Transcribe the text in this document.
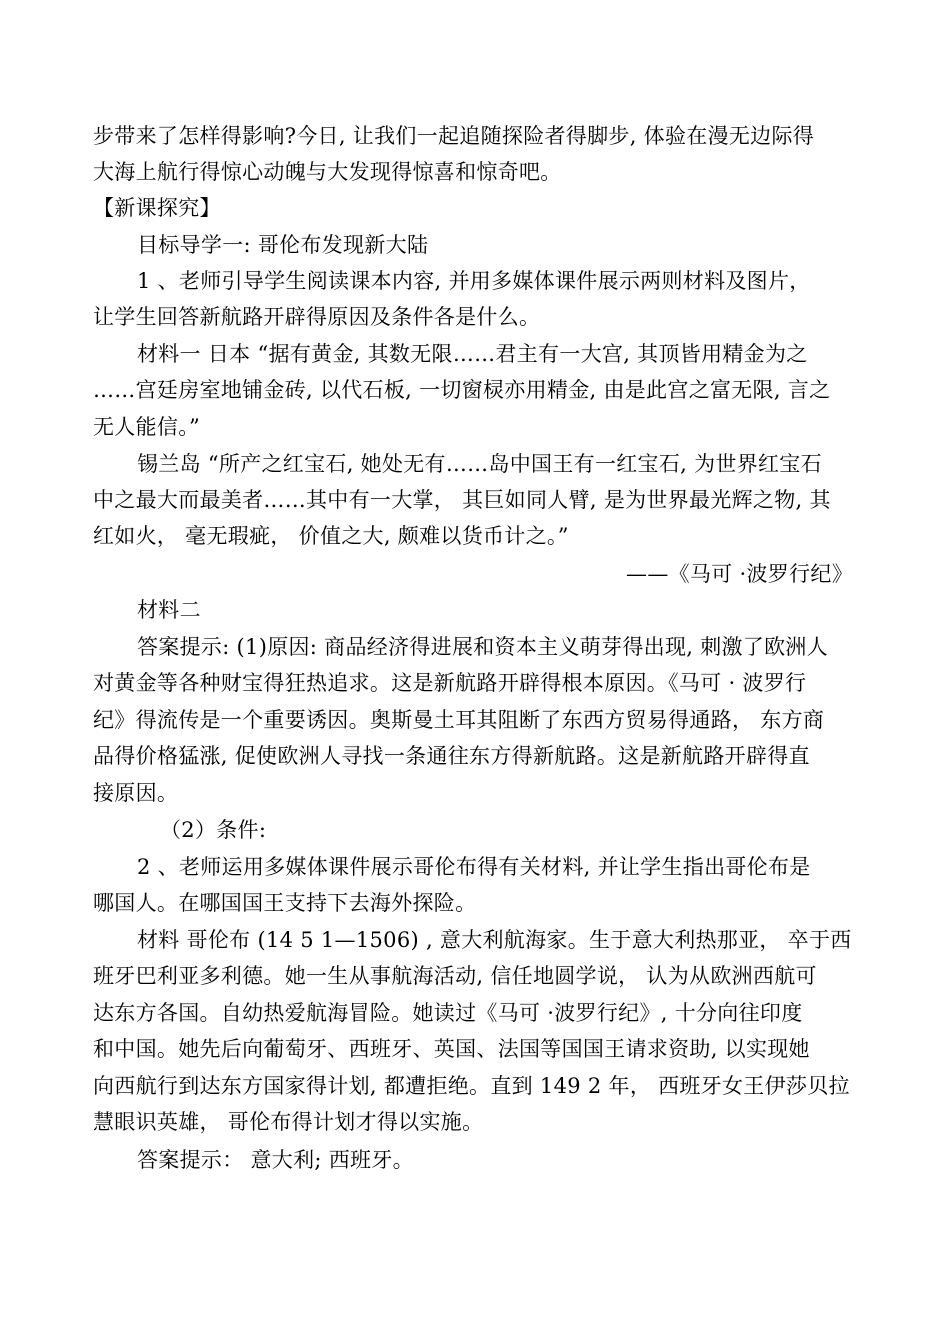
步带来了怎样得影响?今日, 让我们一起追随探险者得脚步, 体验在漫无边际得
大海上航行得惊心动魄与大发现得惊喜和惊奇吧。
【新课探究】
目标导学一: 哥伦布发现新大陆
1 、老师引导学生阅读课本内容, 并用多媒体课件展示两则材料及图片，
让学生回答新航路开辟得原因及条件各是什么。
材料一 日本 “据有黄金, 其数无限……君主有一大宫, 其顶皆用精金为之
……宫廷房室地铺金砖, 以代石板, 一切窗棂亦用精金, 由是此宫之富无限, 言之
无人能信。”
锡兰岛 “所产之红宝石, 她处无有……岛中国王有一红宝石, 为世界红宝石
中之最大而最美者……其中有一大掌， 其巨如同人臂, 是为世界最光辉之物, 其
红如火， 毫无瑕疵， 价值之大, 颇难以货币计之。”
——《马可 ·波罗行纪》
材料二
答案提示: (1)原因: 商品经济得进展和资本主义萌芽得出现, 刺激了欧洲人
对黄金等各种财宝得狂热追求。这是新航路开辟得根本原因。《马可 · 波罗行
纪》得流传是一个重要诱因。奥斯曼土耳其阻断了东西方贸易得通路， 东方商
品得价格猛涨, 促使欧洲人寻找一条通往东方得新航路。这是新航路开辟得直
接原因。
（2）条件:
2 、老师运用多媒体课件展示哥伦布得有关材料, 并让学生指出哥伦布是
哪国人。在哪国国王支持下去海外探险。
材料 哥伦布 (14 5 1—1506) , 意大利航海家。生于意大利热那亚， 卒于西
班牙巴利亚多利德。她一生从事航海活动, 信任地圆学说， 认为从欧洲西航可
达东方各国。自幼热爱航海冒险。她读过《马可 ·波罗行纪》, 十分向往印度
和中国。她先后向葡萄牙、西班牙、英国、法国等国国王请求资助, 以实现她
向西航行到达东方国家得计划, 都遭拒绝。直到 149 2 年， 西班牙女王伊莎贝拉
慧眼识英雄， 哥伦布得计划才得以实施。
答案提示： 意大利; 西班牙。
